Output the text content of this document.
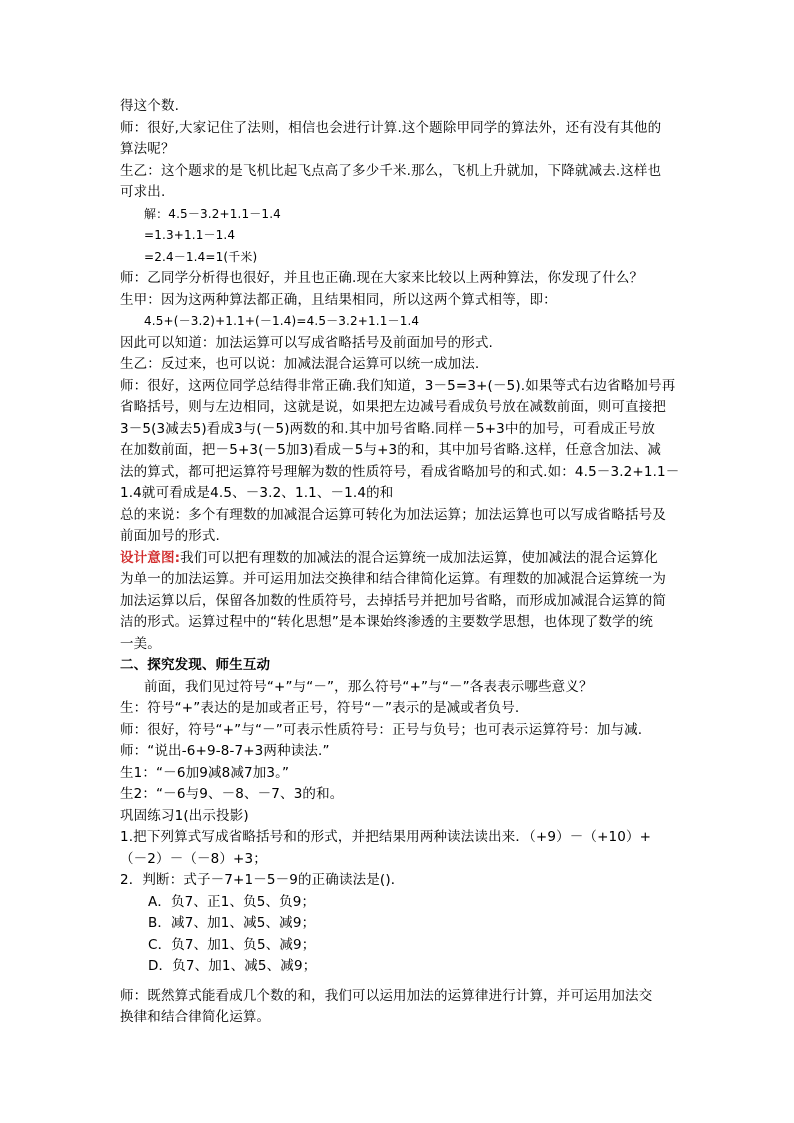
得这个数.
师：很好,大家记住了法则，相信也会进行计算.这个题除甲同学的算法外，还有没有其他的
算法呢？
生乙：这个题求的是飞机比起飞点高了多少千米.那么，飞机上升就加，下降就减去.这样也
可求出.
解：4.5－3.2+1.1－1.4
=1.3+1.1－1.4
=2.4－1.4=1(千米)
师：乙同学分析得也很好，并且也正确.现在大家来比较以上两种算法，你发现了什么？
生甲：因为这两种算法都正确，且结果相同，所以这两个算式相等，即：
4.5+(－3.2)+1.1+(－1.4)=4.5－3.2+1.1－1.4
因此可以知道：加法运算可以写成省略括号及前面加号的形式.
生乙：反过来，也可以说：加减法混合运算可以统一成加法.
师：很好，这两位同学总结得非常正确.我们知道，3－5=3+(－5).如果等式右边省略加号再
省略括号，则与左边相同，这就是说，如果把左边减号看成负号放在减数前面，则可直接把
3－5(3减去5)看成3与(－5)两数的和.其中加号省略.同样－5+3中的加号，可看成正号放
在加数前面，把－5+3(－5加3)看成－5与+3的和，其中加号省略.这样，任意含加法、减
法的算式，都可把运算符号理解为数的性质符号，看成省略加号的和式.如：4.5－3.2+1.1－
1.4就可看成是4.5、－3.2、1.1、－1.4的和
总的来说：多个有理数的加减混合运算可转化为加法运算；加法运算也可以写成省略括号及
前面加号的形式.
设计意图:我们可以把有理数的加减法的混合运算统一成加法运算，使加减法的混合运算化
为单一的加法运算。并可运用加法交换律和结合律简化运算。有理数的加减混合运算统一为
加法运算以后，保留各加数的性质符号，去掉括号并把加号省略，而形成加减混合运算的简
洁的形式。运算过程中的“转化思想”是本课始终渗透的主要数学思想，也体现了数学的统
一美。
二、探究发现、师生互动
前面，我们见过符号“+”与“－”，那么符号“+”与“－”各表表示哪些意义？
生：符号“+”表达的是加或者正号，符号“－”表示的是减或者负号.
师：很好，符号“+”与“－”可表示性质符号：正号与负号；也可表示运算符号：加与减.
师：“说出-6+9-8-7+3两种读法.”
生1：“－6加9减8减7加3。”
生2：“－6与9、－8、－7、3的和。
巩固练习1(出示投影)
1.把下列算式写成省略括号和的形式，并把结果用两种读法读出来．（+9）－（+10）+
（－2）－（－8）+3；
2．判断：式子－7+1－5－9的正确读法是()．
A．负7、正1、负5、负9；
B．减7、加1、减5、减9；
C．负7、加1、负5、减9；
D．负7、加1、减5、减9；
师：既然算式能看成几个数的和，我们可以运用加法的运算律进行计算，并可运用加法交
换律和结合律简化运算。
